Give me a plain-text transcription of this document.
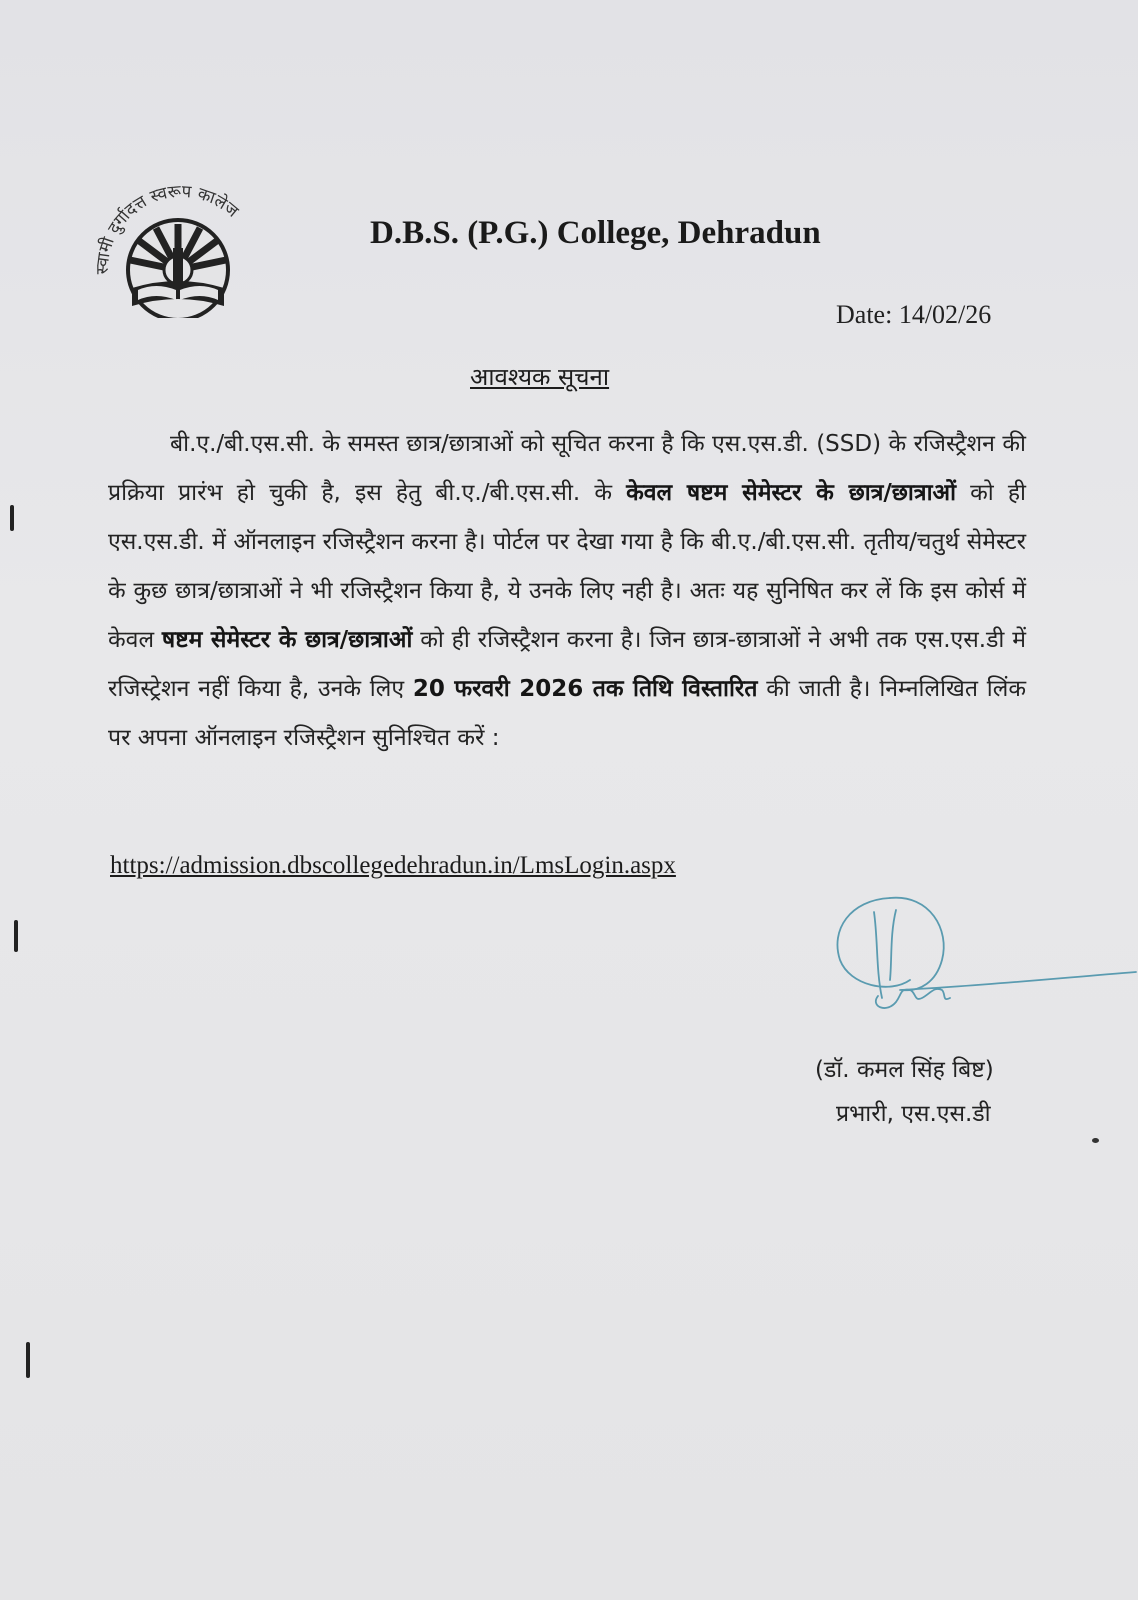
स्वामी दुर्गादत्त स्वरूप कालेज
D.B.S. (P.G.) College, Dehradun
Date: 14/02/26
आवश्यक सूचना
बी.ए./बी.एस.सी. के समस्त छात्र/छात्राओं को सूचित करना है कि एस.एस.डी. (SSD) के रजिस्ट्रैशन की प्रक्रिया प्रारंभ हो चुकी है, इस हेतु बी.ए./बी.एस.सी. के केवल षष्टम सेमेस्टर के छात्र/छात्राओं को ही एस.एस.डी. में ऑनलाइन रजिस्ट्रैशन करना है। पोर्टल पर देखा गया है कि बी.ए./बी.एस.सी. तृतीय/चतुर्थ सेमेस्टर के कुछ छात्र/छात्राओं ने भी रजिस्ट्रैशन किया है, ये उनके लिए नही है। अतः यह सुनिषित कर लें कि इस कोर्स में केवल षष्टम सेमेस्टर के छात्र/छात्राओं को ही रजिस्ट्रैशन करना है। जिन छात्र-छात्राओं ने अभी तक एस.एस.डी में रजिस्ट्रेशन नहीं किया है, उनके लिए 20 फरवरी 2026 तक तिथि विस्तारित की जाती है। निम्नलिखित लिंक पर अपना ऑनलाइन रजिस्ट्रैशन सुनिश्चित करें :
https://admission.dbscollegedehradun.in/LmsLogin.aspx
(डॉ. कमल सिंह बिष्ट)
प्रभारी, एस.एस.डी
